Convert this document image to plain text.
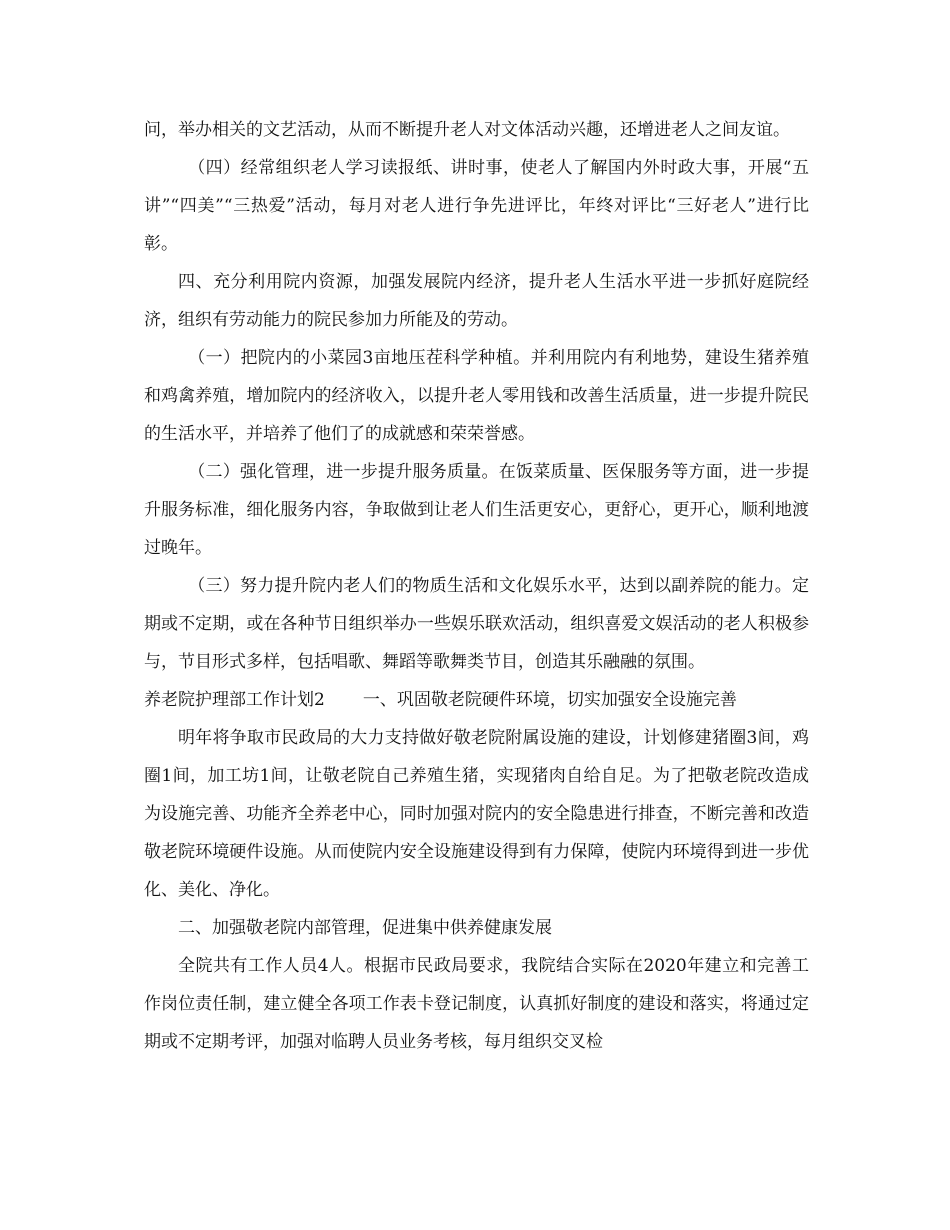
问，举办相关的文艺活动，从而不断提升老人对文体活动兴趣，还增进老人之间友谊。

（四）经常组织老人学习读报纸、讲时事，使老人了解国内外时政大事，开展“五讲”“四美”“三热爱”活动，每月对老人进行争先进评比，年终对评比“三好老人”进行比彰。

四、充分利用院内资源，加强发展院内经济，提升老人生活水平进一步抓好庭院经济，组织有劳动能力的院民参加力所能及的劳动。

（一）把院内的小菜园3亩地压茬科学种植。并利用院内有利地势，建设生猪养殖和鸡禽养殖，增加院内的经济收入，以提升老人零用钱和改善生活质量，进一步提升院民的生活水平，并培养了他们了的成就感和荣荣誉感。

（二）强化管理，进一步提升服务质量。在饭菜质量、医保服务等方面，进一步提升服务标准，细化服务内容，争取做到让老人们生活更安心，更舒心，更开心，顺利地渡过晚年。

（三）努力提升院内老人们的物质生活和文化娱乐水平，达到以副养院的能力。定期或不定期，或在各种节日组织举办一些娱乐联欢活动，组织喜爱文娱活动的老人积极参与，节目形式多样，包括唱歌、舞蹈等歌舞类节目，创造其乐融融的氛围。

养老院护理部工作计划2 一、巩固敬老院硬件环境，切实加强安全设施完善

明年将争取市民政局的大力支持做好敬老院附属设施的建设，计划修建猪圈3间，鸡圈1间，加工坊1间，让敬老院自己养殖生猪，实现猪肉自给自足。为了把敬老院改造成为设施完善、功能齐全养老中心，同时加强对院内的安全隐患进行排查，不断完善和改造敬老院环境硬件设施。从而使院内安全设施建设得到有力保障，使院内环境得到进一步优化、美化、净化。

二、加强敬老院内部管理，促进集中供养健康发展

全院共有工作人员4人。根据市民政局要求，我院结合实际在2020年建立和完善工作岗位责任制，建立健全各项工作表卡登记制度，认真抓好制度的建设和落实，将通过定期或不定期考评，加强对临聘人员业务考核，每月组织交叉检
